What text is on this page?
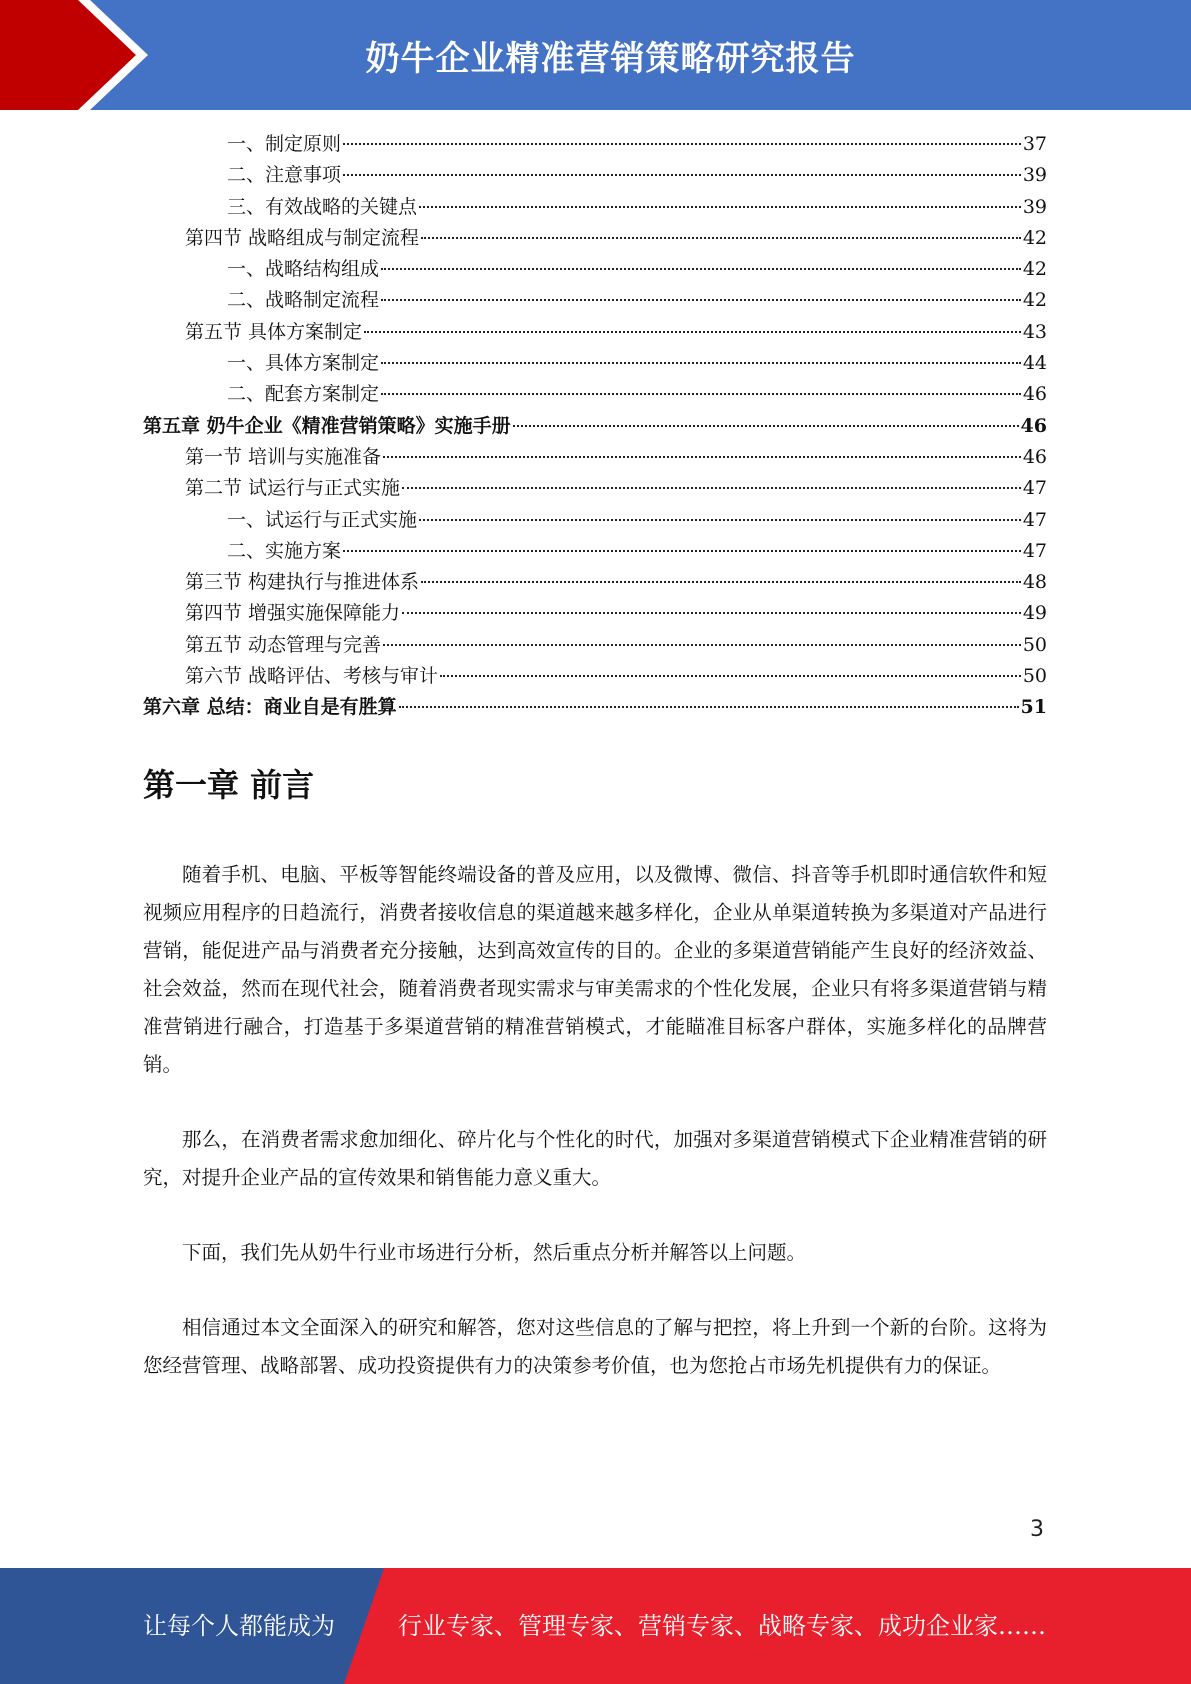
奶牛企业精准营销策略研究报告
一、制定原则	37
二、注意事项	39
三、有效战略的关键点	39
第四节 战略组成与制定流程	42
一、战略结构组成	42
二、战略制定流程	42
第五节 具体方案制定	43
一、具体方案制定	44
二、配套方案制定	46
第五章 奶牛企业《精准营销策略》实施手册	46
第一节 培训与实施准备	46
第二节 试运行与正式实施	47
一、试运行与正式实施	47
二、实施方案	47
第三节 构建执行与推进体系	48
第四节 增强实施保障能力	49
第五节 动态管理与完善	50
第六节 战略评估、考核与审计	50
第六章 总结：商业自是有胜算	51
第一章 前言

随着手机、电脑、平板等智能终端设备的普及应用，以及微博、微信、抖音等手机即时通信软件和短视频应用程序的日趋流行，消费者接收信息的渠道越来越多样化，企业从单渠道转换为多渠道对产品进行营销，能促进产品与消费者充分接触，达到高效宣传的目的。企业的多渠道营销能产生良好的经济效益、社会效益，然而在现代社会，随着消费者现实需求与审美需求的个性化发展，企业只有将多渠道营销与精准营销进行融合，打造基于多渠道营销的精准营销模式，才能瞄准目标客户群体，实施多样化的品牌营销。

那么，在消费者需求愈加细化、碎片化与个性化的时代，加强对多渠道营销模式下企业精准营销的研究，对提升企业产品的宣传效果和销售能力意义重大。

下面，我们先从奶牛行业市场进行分析，然后重点分析并解答以上问题。

相信通过本文全面深入的研究和解答，您对这些信息的了解与把控，将上升到一个新的台阶。这将为您经营管理、战略部署、成功投资提供有力的决策参考价值，也为您抢占市场先机提供有力的保证。

3
让每个人都能成为	行业专家、管理专家、营销专家、战略专家、成功企业家……
